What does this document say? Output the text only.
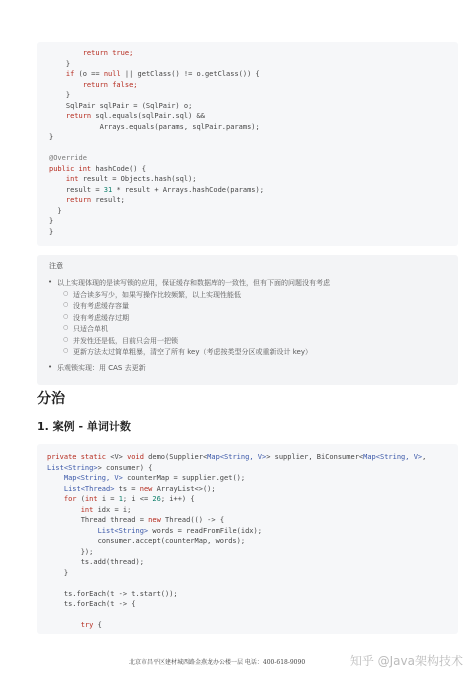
return true;
}
if (o == null || getClass() != o.getClass()) {
return false;
}
SqlPair sqlPair = (SqlPair) o;
return sql.equals(sqlPair.sql) &&
Arrays.equals(params, sqlPair.params);
}
@Override
public int hashCode() {
int result = Objects.hash(sql);
result = 31 * result + Arrays.hashCode(params);
return result;
}
}
}
注意
• 以上实现体现的是读写锁的应用，保证缓存和数据库的一致性，但有下面的问题没有考虑
○ 适合读多写少，如果写操作比较频繁，以上实现性能低
○ 没有考虑缓存容量
○ 没有考虑缓存过期
○ 只适合单机
○ 并发性还是低，目前只会用一把锁
○ 更新方法太过简单粗暴，清空了所有 key（考虑按类型分区或重新设计 key）
• 乐观锁实现：用 CAS 去更新
分治
1. 案例 - 单词计数
private static <V> void demo(Supplier<Map<String, V>> supplier, BiConsumer<Map<String, V>,
List<String>> consumer) {
Map<String, V> counterMap = supplier.get();
List<Thread> ts = new ArrayList<>();
for (int i = 1; i <= 26; i++) {
int idx = i;
Thread thread = new Thread(() -> {
List<String> words = readFromFile(idx);
consumer.accept(counterMap, words);
});
ts.add(thread);
}
ts.forEach(t -> t.start());
ts.forEach(t -> {
try {
北京市昌平区建材城西路金燕龙办公楼一层 电话：400-618-9090	知乎 @Java架构技术
